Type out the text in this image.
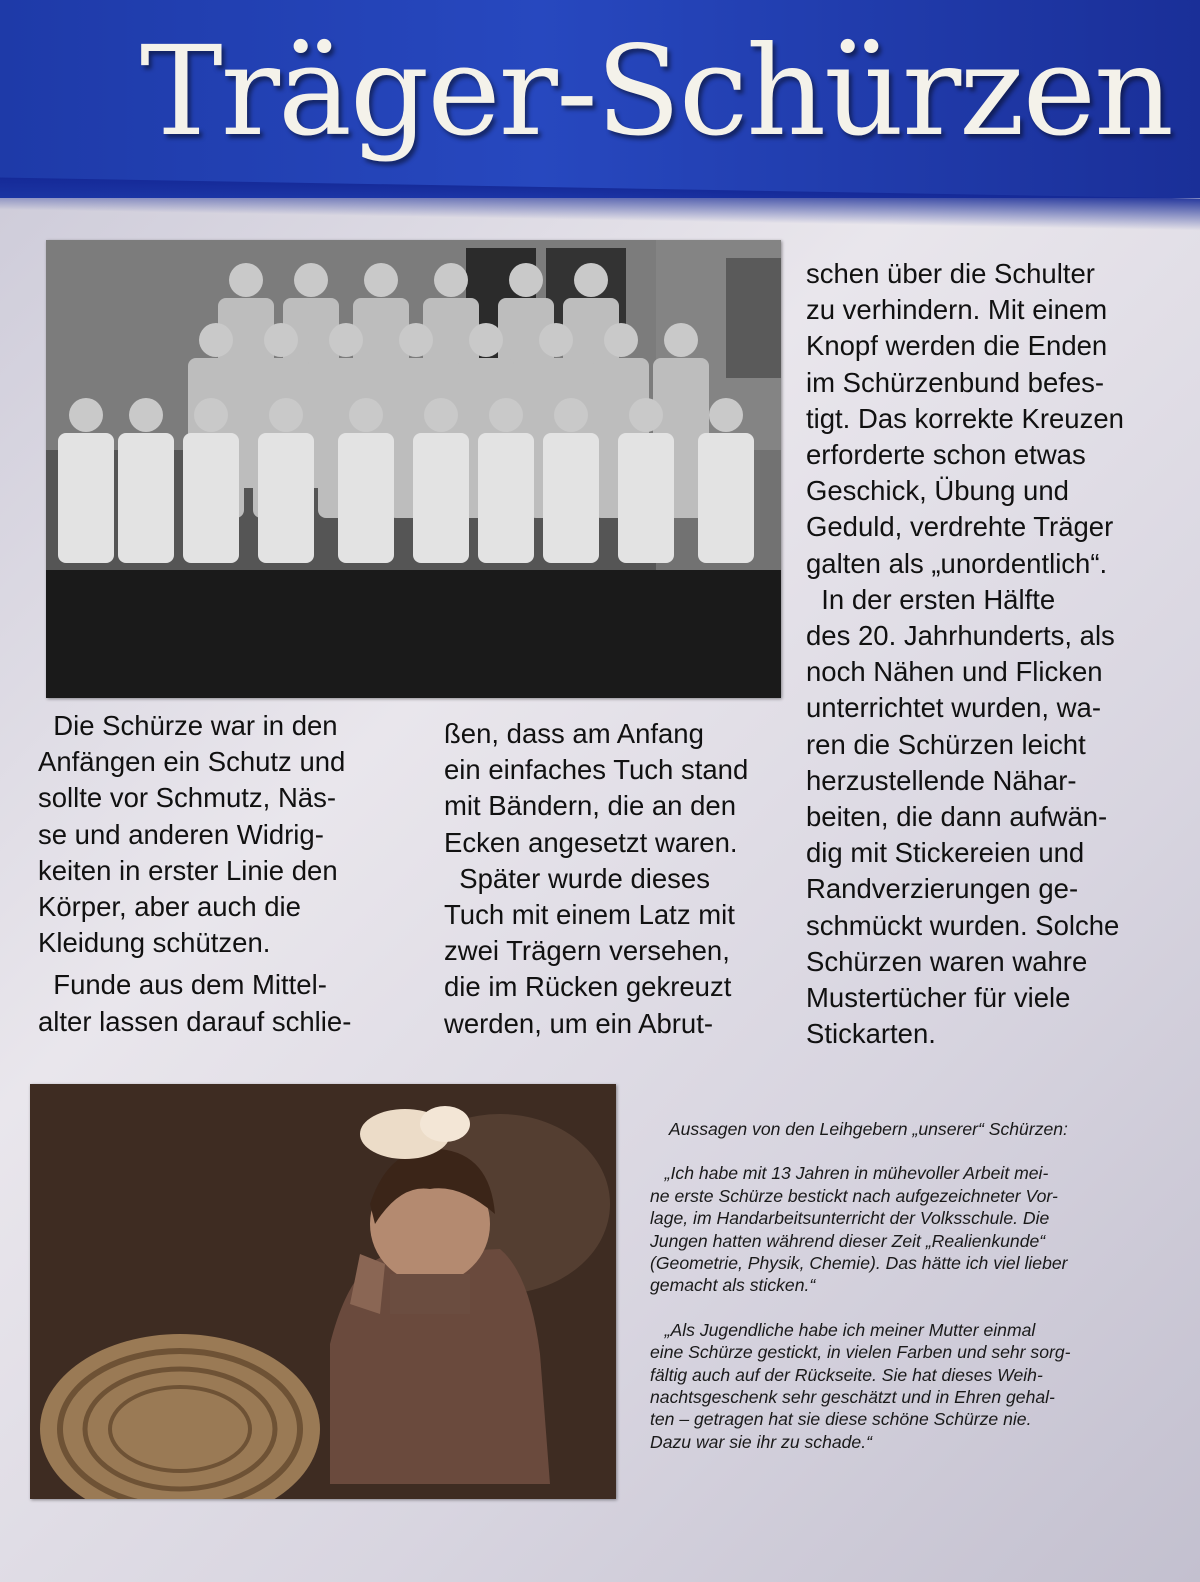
Träger-Schürzen

Die Schürze war in den

Anfängen ein Schutz und

sollte vor Schmutz, Näs-

se und anderen Widrig-

keiten in erster Linie den

Körper, aber auch die

Kleidung schützen.

Funde aus dem Mittel-

alter lassen darauf schlie-

ßen, dass am Anfang

ein einfaches Tuch stand

mit Bändern, die an den

Ecken angesetzt waren.

Später wurde dieses

Tuch mit einem Latz mit

zwei Trägern versehen,

die im Rücken gekreuzt

werden, um ein Abrut-

schen über die Schulter

zu verhindern. Mit einem

Knopf werden die Enden

im Schürzenbund befes-

tigt. Das korrekte Kreuzen

erforderte schon etwas

Geschick, Übung und

Geduld, verdrehte Träger

galten als „unordentlich“.

In der ersten Hälfte

des 20. Jahrhunderts, als

noch Nähen und Flicken

unterrichtet wurden, wa-

ren die Schürzen leicht

herzustellende Nähar-

beiten, die dann aufwän-

dig mit Stickereien und

Randverzierungen ge-

schmückt wurden. Solche

Schürzen waren wahre

Mustertücher für viele

Stickarten.

Aussagen von den Leihgebern „unserer“ Schürzen:

„Ich habe mit 13 Jahren in mühevoller Arbeit mei-

ne erste Schürze bestickt nach aufgezeichneter Vor-

lage, im Handarbeitsunterricht der Volksschule. Die

Jungen hatten während dieser Zeit „Realienkunde“

(Geometrie, Physik, Chemie). Das hätte ich viel lieber

gemacht als sticken.“

„Als Jugendliche habe ich meiner Mutter einmal

eine Schürze gestickt, in vielen Farben und sehr sorg-

fältig auch auf der Rückseite. Sie hat dieses Weih-

nachtsgeschenk sehr geschätzt und in Ehren gehal-

ten – getragen hat sie diese schöne Schürze nie.

Dazu war sie ihr zu schade.“
